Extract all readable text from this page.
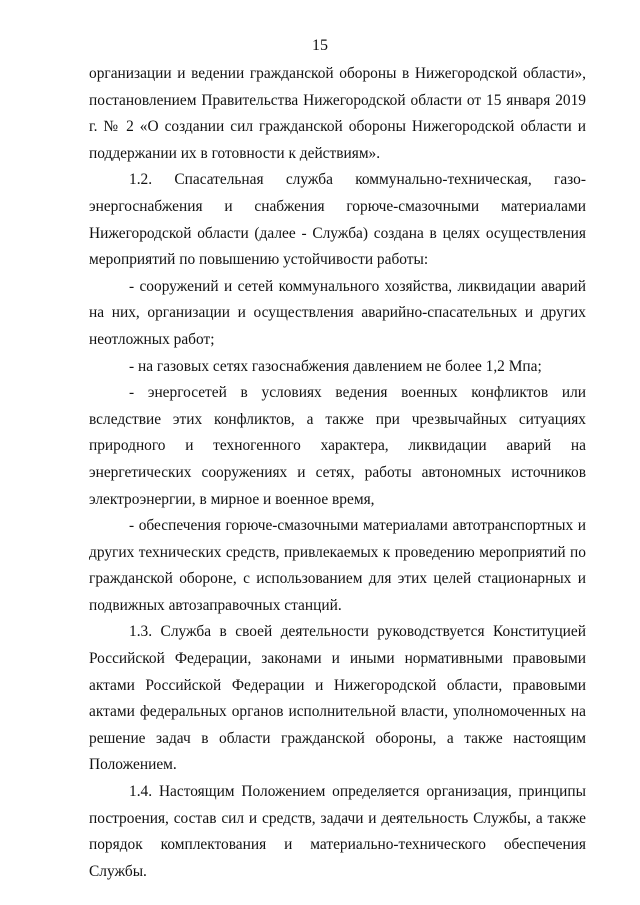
15

организации и ведении гражданской обороны в Нижегородской области», постановлением Правительства Нижегородской области от 15 января 2019 г. № 2 «О создании сил гражданской обороны Нижегородской области и поддержании их в готовности к действиям».

1.2. Спасательная служба коммунально-техническая, газо-энергоснабжения и снабжения горюче-смазочными материалами Нижегородской области (далее - Служба) создана в целях осуществления мероприятий по повышению устойчивости работы:

- сооружений и сетей коммунального хозяйства, ликвидации аварий на них, организации и осуществления аварийно-спасательных и других неотложных работ;

- на газовых сетях газоснабжения давлением не более 1,2 Мпа;

- энергосетей в условиях ведения военных конфликтов или вследствие этих конфликтов, а также при чрезвычайных ситуациях природного и техногенного характера, ликвидации аварий на энергетических сооружениях и сетях, работы автономных источников электроэнергии, в мирное и военное время,

- обеспечения горюче-смазочными материалами автотранспортных и других технических средств, привлекаемых к проведению мероприятий по гражданской обороне, с использованием для этих целей стационарных и подвижных автозаправочных станций.

1.3. Служба в своей деятельности руководствуется Конституцией Российской Федерации, законами и иными нормативными правовыми актами Российской Федерации и Нижегородской области, правовыми актами федеральных органов исполнительной власти, уполномоченных на решение задач в области гражданской обороны, а также настоящим Положением.

1.4. Настоящим Положением определяется организация, принципы построения, состав сил и средств, задачи и деятельность Службы, а также порядок комплектования и материально-технического обеспечения Службы.
